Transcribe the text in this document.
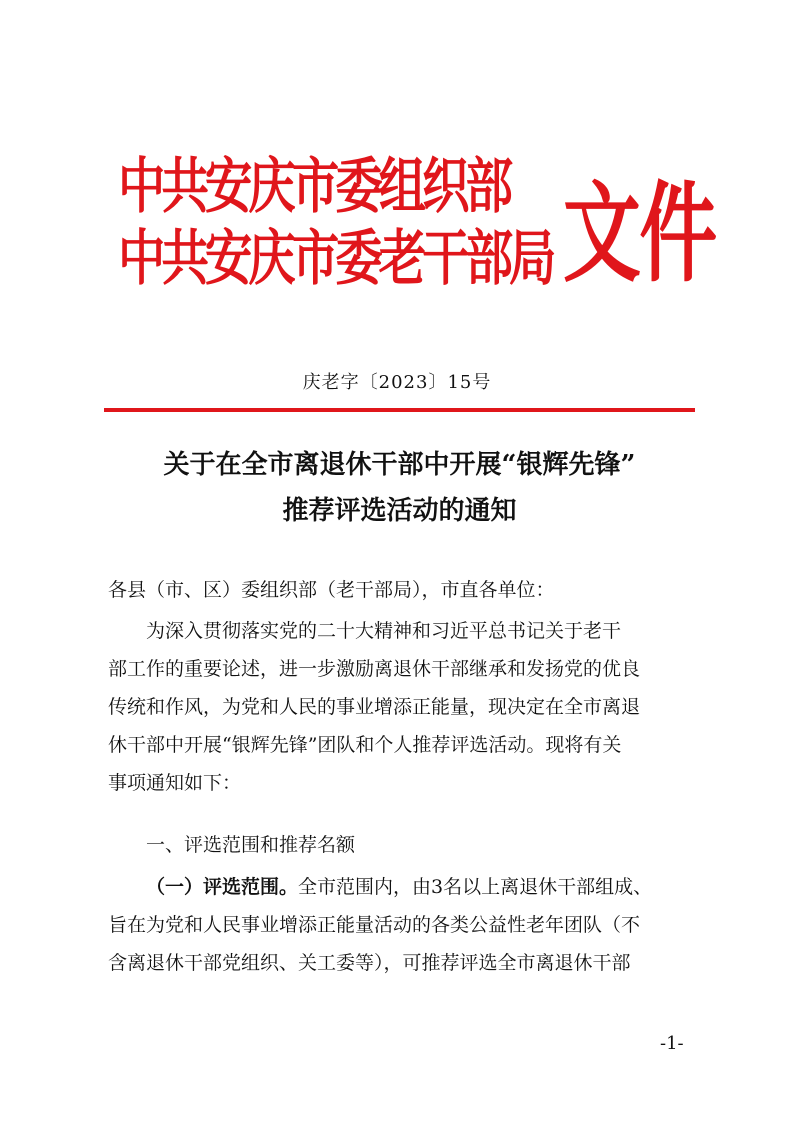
中共安庆市委组织部
中共安庆市委老干部局 文件
庆老字〔2023〕15号
关于在全市离退休干部中开展“银辉先锋”
推荐评选活动的通知
各县（市、区）委组织部（老干部局），市直各单位：
为深入贯彻落实党的二十大精神和习近平总书记关于老干
部工作的重要论述，进一步激励离退休干部继承和发扬党的优良
传统和作风，为党和人民的事业增添正能量，现决定在全市离退
休干部中开展“银辉先锋”团队和个人推荐评选活动。现将有关
事项通知如下：
一、评选范围和推荐名额
（一）评选范围。全市范围内，由3名以上离退休干部组成、
旨在为党和人民事业增添正能量活动的各类公益性老年团队（不
含离退休干部党组织、关工委等），可推荐评选全市离退休干部
-1-
